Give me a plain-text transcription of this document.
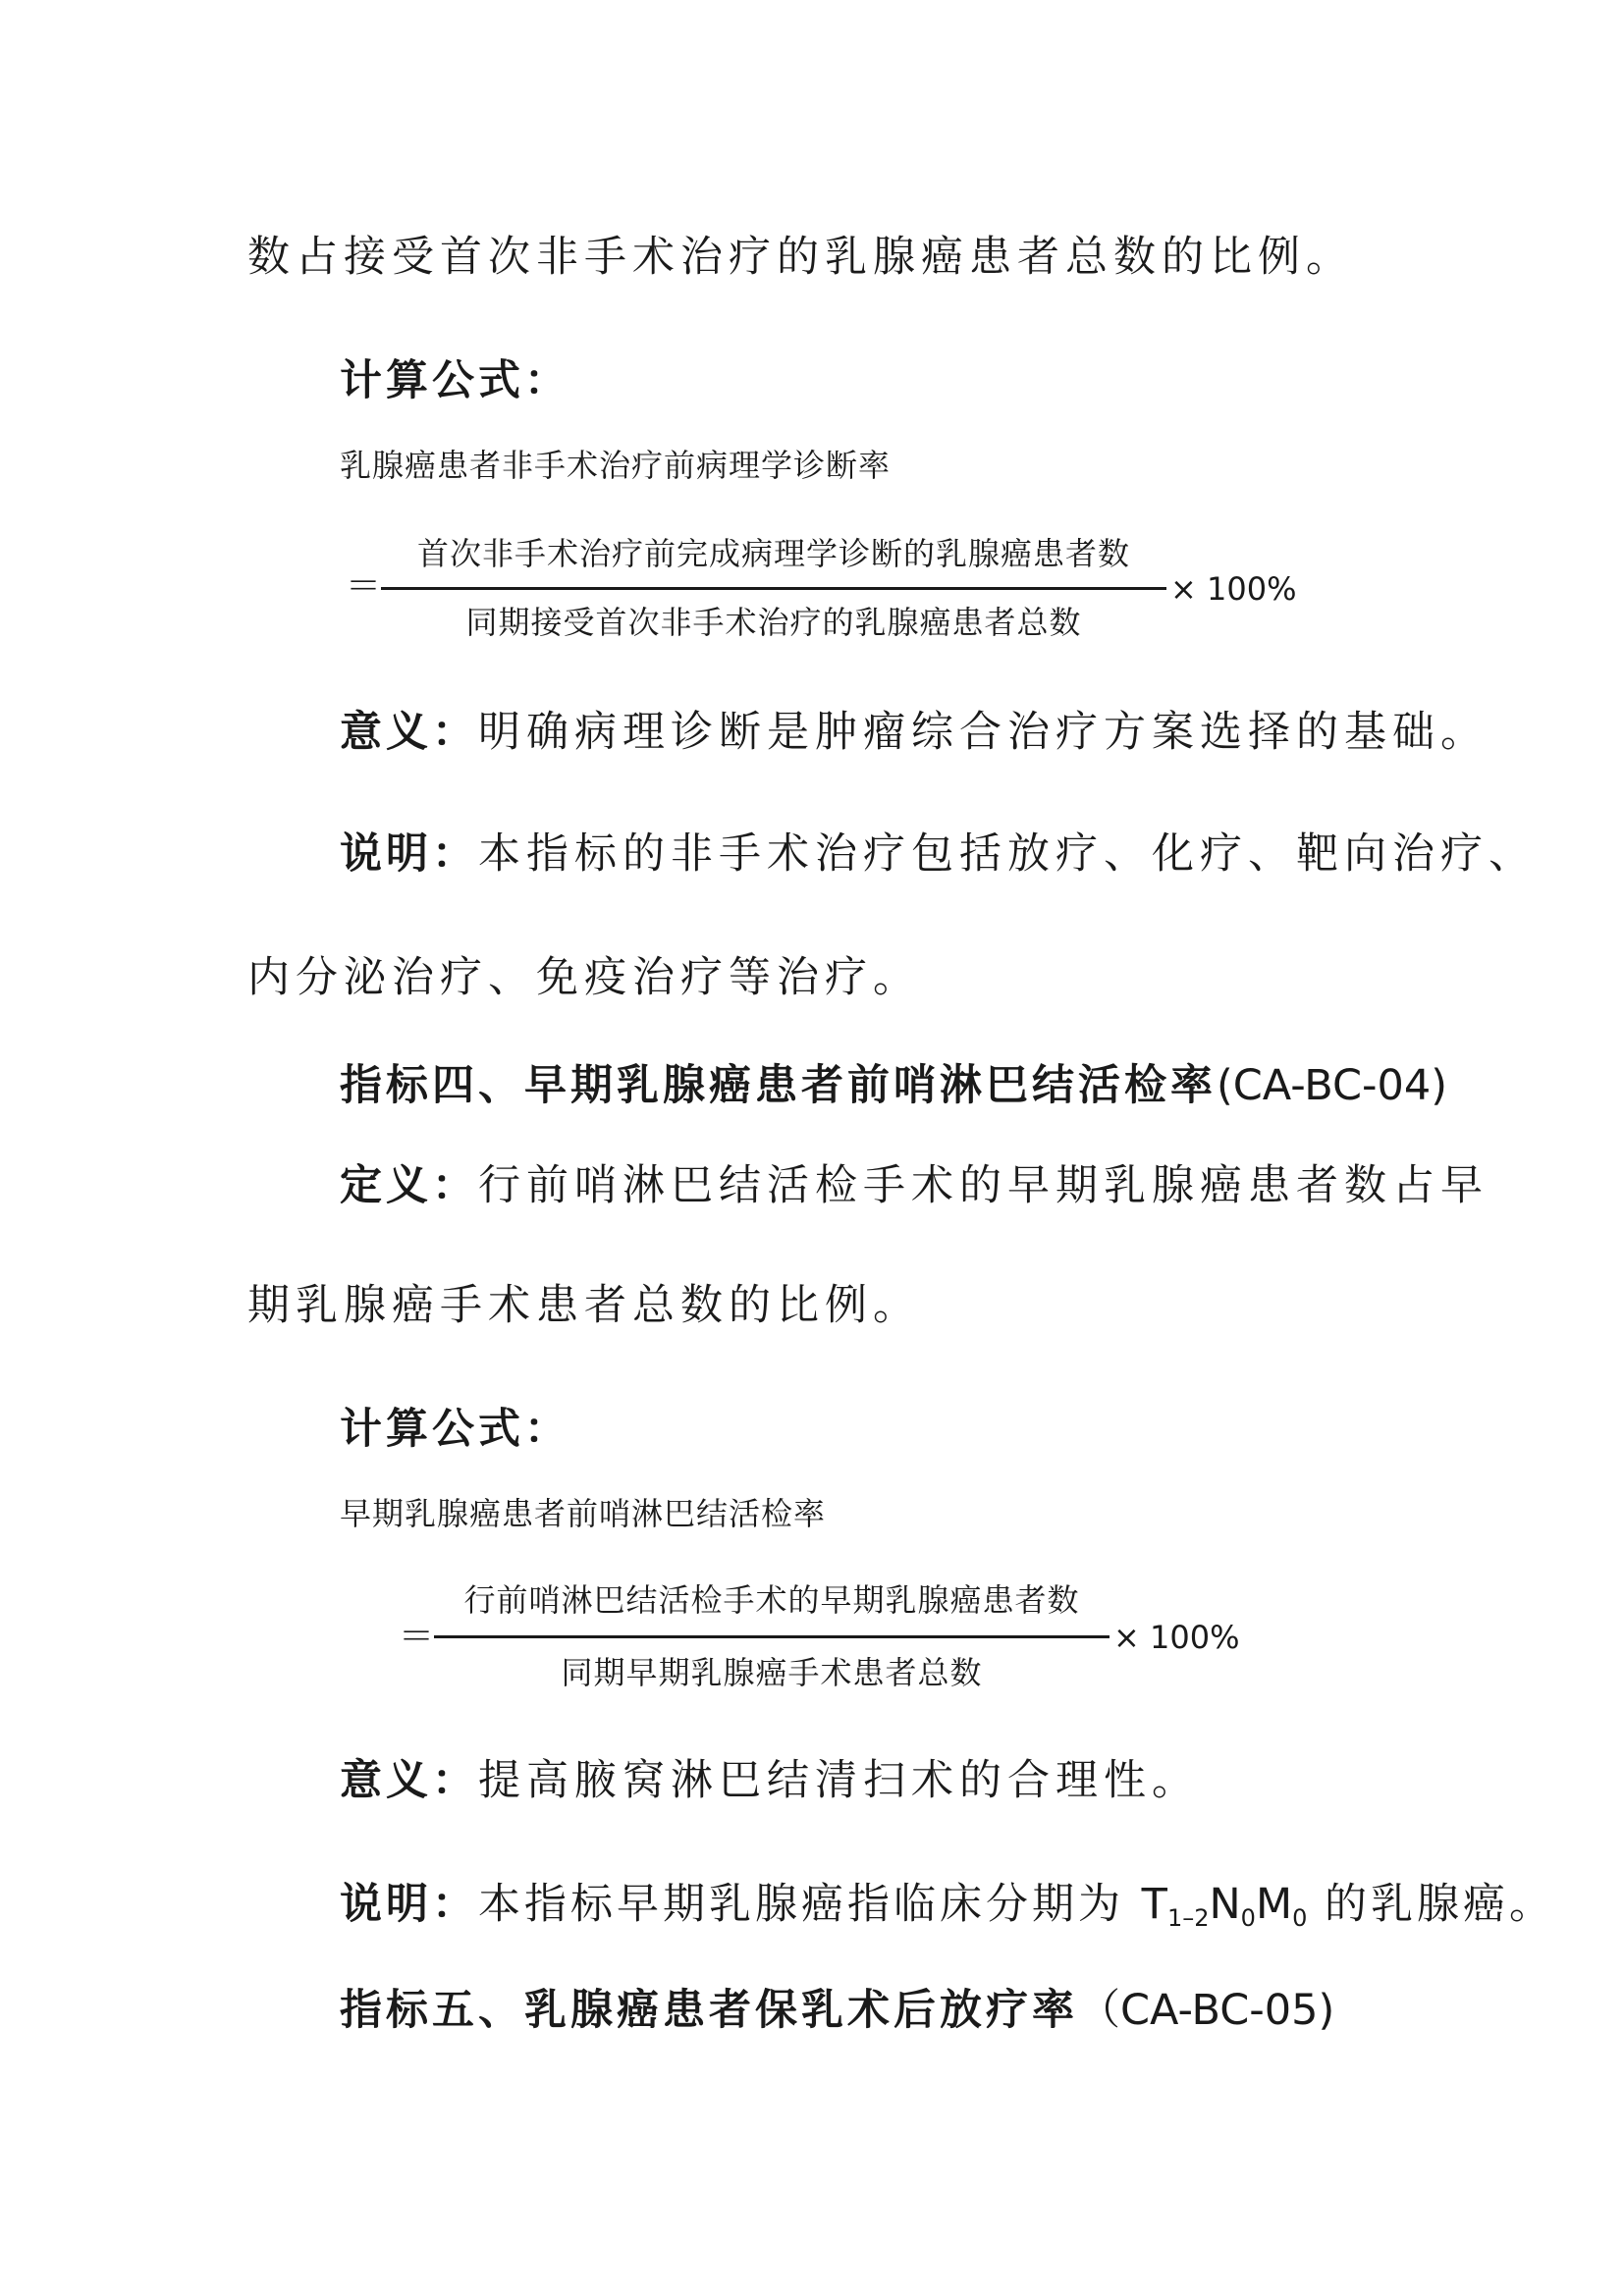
数占接受首次非手术治疗的乳腺癌患者总数的比例。
计算公式：
乳腺癌患者非手术治疗前病理学诊断率
＝
首次非手术治疗前完成病理学诊断的乳腺癌患者数
同期接受首次非手术治疗的乳腺癌患者总数
× 100%
意义：明确病理诊断是肿瘤综合治疗方案选择的基础。
说明：本指标的非手术治疗包括放疗、化疗、靶向治疗、
内分泌治疗、免疫治疗等治疗。
指标四、早期乳腺癌患者前哨淋巴结活检率(CA-BC-04)
定义：行前哨淋巴结活检手术的早期乳腺癌患者数占早
期乳腺癌手术患者总数的比例。
计算公式：
早期乳腺癌患者前哨淋巴结活检率
＝
行前哨淋巴结活检手术的早期乳腺癌患者数
同期早期乳腺癌手术患者总数
× 100%
意义：提高腋窝淋巴结清扫术的合理性。
说明：本指标早期乳腺癌指临床分期为 $T_{1-2}N_0M_0$ 的乳腺癌。
指标五、乳腺癌患者保乳术后放疗率（CA-BC-05)
